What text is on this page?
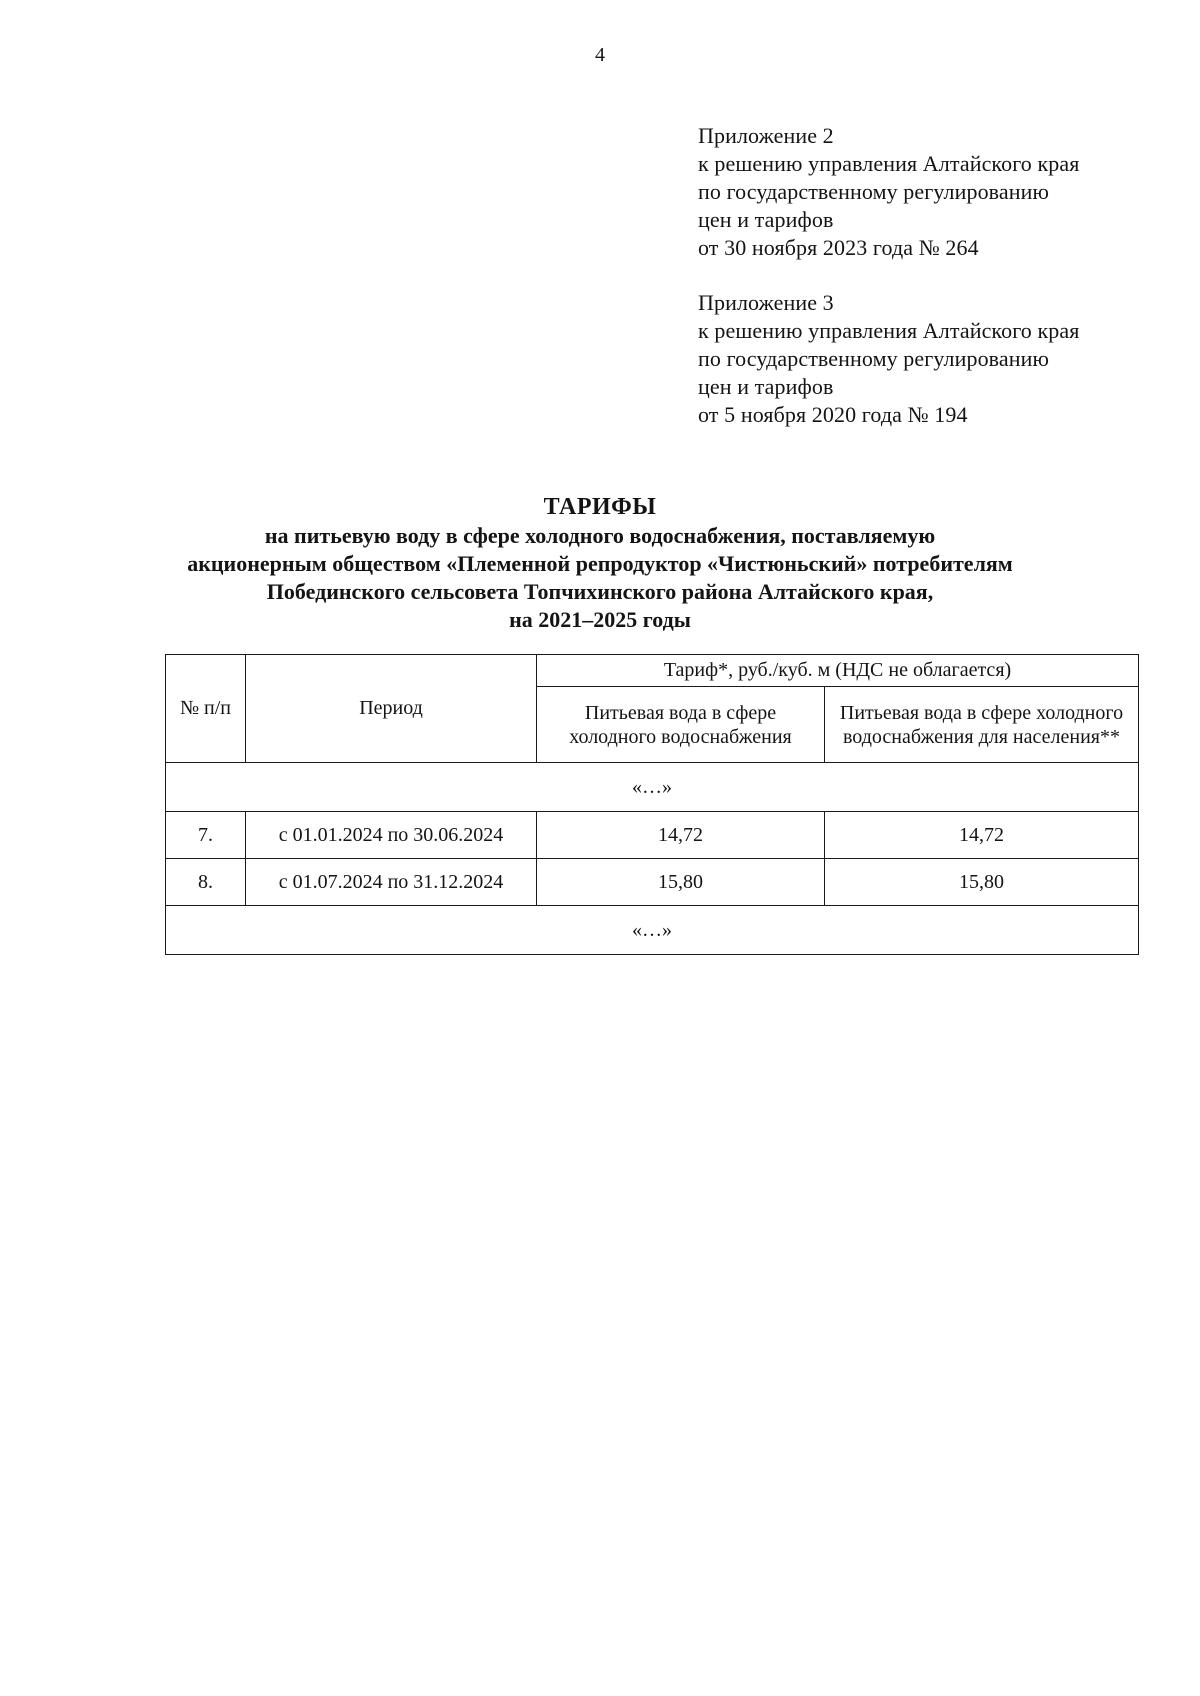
4
Приложение 2
к решению управления Алтайского края
по государственному регулированию
цен и тарифов
от 30 ноября 2023 года № 264
Приложение 3
к решению управления Алтайского края
по государственному регулированию
цен и тарифов
от 5 ноября 2020 года № 194
ТАРИФЫ
на питьевую воду в сфере холодного водоснабжения, поставляемую
акционерным обществом «Племенной репродуктор «Чистюньский» потребителям
Побединского сельсовета Топчихинского района Алтайского края,
на 2021–2025 годы
№ п/п	Период	Тариф*, руб./куб. м (НДС не облагается)	
		Питьевая вода в сфере холодного водоснабжения	Питьевая вода в сфере холодного водоснабжения для населения**
«…»			
7.	с 01.01.2024 по 30.06.2024	14,72	14,72
8.	с 01.07.2024 по 31.12.2024	15,80	15,80
«…»			
